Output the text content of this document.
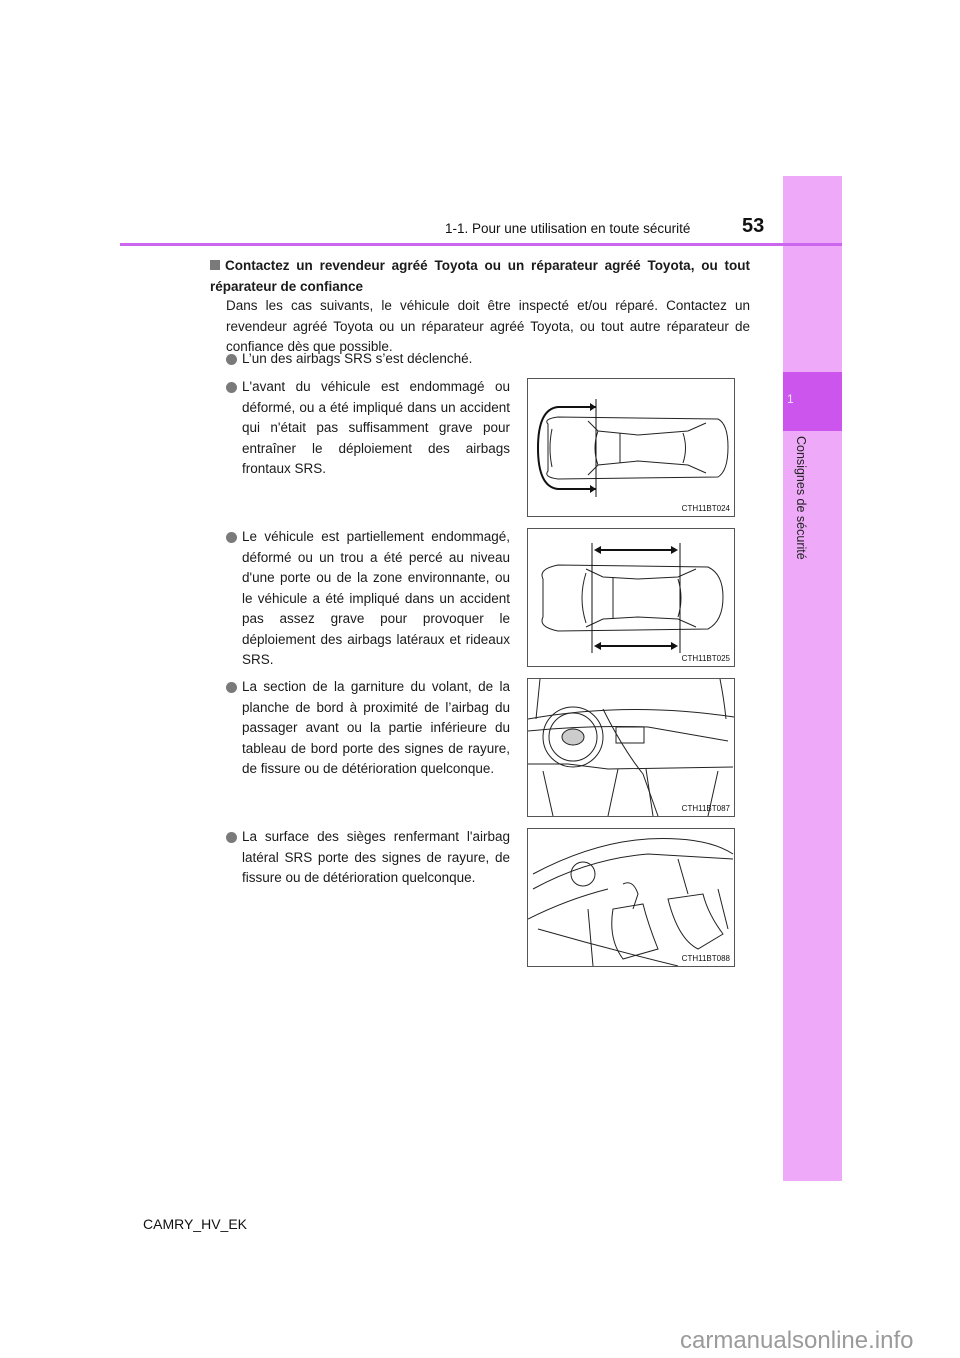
1
Consignes de sécurité
1-1. Pour une utilisation en toute sécurité	53
Contactez un revendeur agréé Toyota ou un réparateur agréé Toyota, ou tout réparateur de confiance
Dans les cas suivants, le véhicule doit être inspecté et/ou réparé. Contactez un revendeur agréé Toyota ou un réparateur agréé Toyota, ou tout autre réparateur de confiance dès que possible.
L’un des airbags SRS s’est déclenché.
L'avant du véhicule est endommagé ou déformé, ou a été impliqué dans un accident qui n'était pas suffisamment grave pour entraîner le déploiement des airbags frontaux SRS.
Le véhicule est partiellement endommagé, déformé ou un trou a été percé au niveau d'une porte ou de la zone environnante, ou le véhicule a été impliqué dans un accident pas assez grave pour provoquer le déploiement des airbags latéraux et rideaux SRS.
La section de la garniture du volant, de la planche de bord à proximité de l’airbag du passager avant ou la partie inférieure du tableau de bord porte des signes de rayure, de fissure ou de détérioration quelconque.
La surface des sièges renfermant l'airbag latéral SRS porte des signes de rayure, de fissure ou de détérioration quelconque.
CTH11BT024
CTH11BT025
CTH11BT087
CTH11BT088
CAMRY_HV_EK
carmanualsonline.info
